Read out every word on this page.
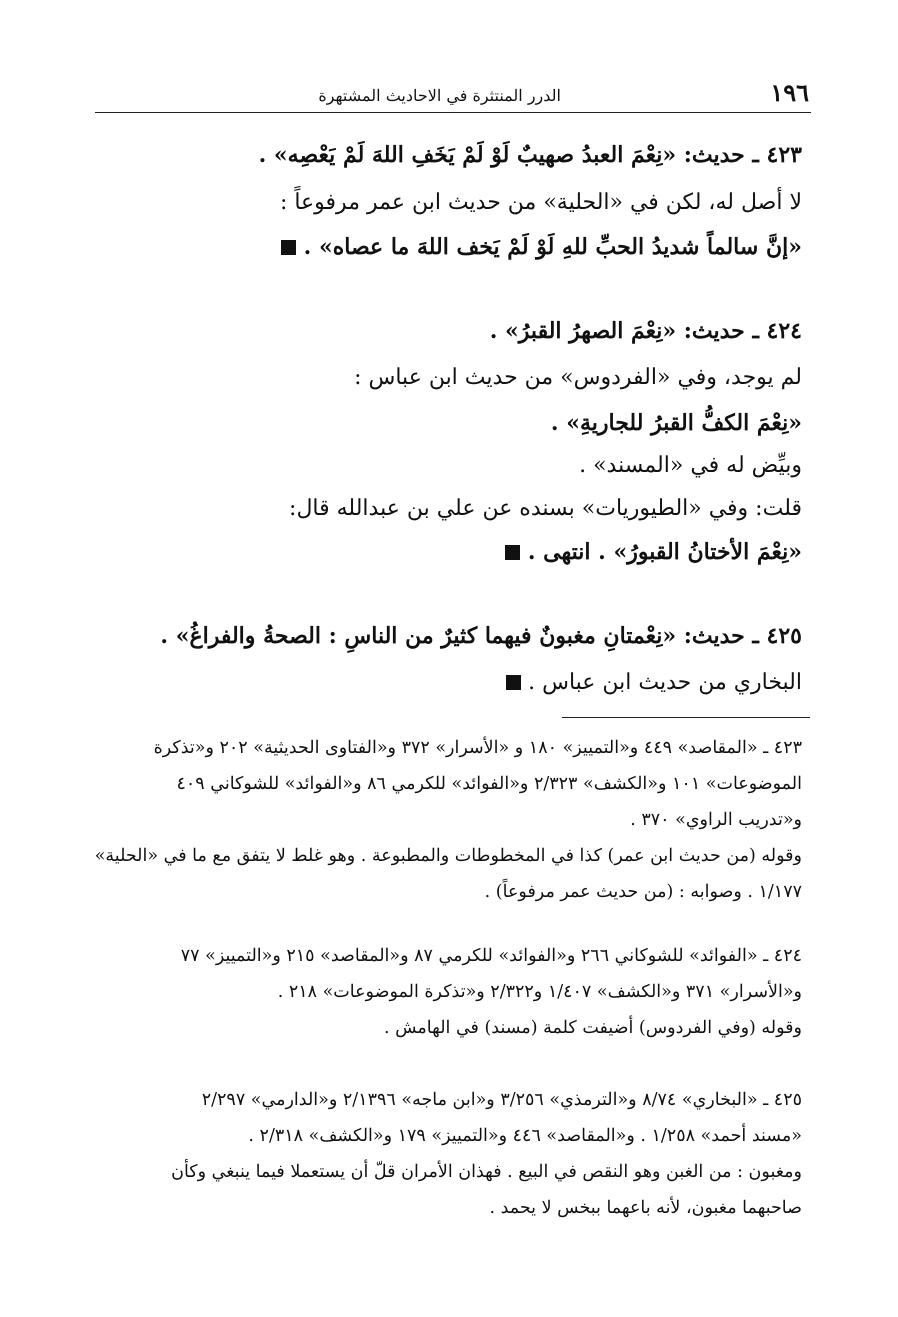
١٩٦
الدرر المنتثرة في الاحاديث المشتهرة
٤٢٣ ـ حديث: «نِعْمَ العبدُ صهيبٌ لَوْ لَمْ يَخَفِ اللهَ لَمْ يَعْصِه» .
لا أصل له، لكن في «الحلية» من حديث ابن عمر مرفوعاً :
«إنَّ سالماً شديدُ الحبِّ للهِ لَوْ لَمْ يَخف اللهَ ما عصاه» .
٤٢٤ ـ حديث: «نِعْمَ الصهرُ القبرُ» .
لم يوجد، وفي «الفردوس» من حديث ابن عباس :
«نِعْمَ الكفُّ القبرُ للجاريةِ» .
وبيِّض له في «المسند» .
قلت: وفي «الطيوريات» بسنده عن علي بن عبدالله قال:
«نِعْمَ الأختانُ القبورُ» . انتهى .
٤٢٥ ـ حديث: «نِعْمتانِ مغبونٌ فيهما كثيرٌ من الناسِ : الصحةُ والفراغُ» .
البخاري من حديث ابن عباس .
٤٢٣ ـ «المقاصد» ٤٤٩ و«التمييز» ١٨٠ و «الأسرار» ٣٧٢ و«الفتاوى الحديثية» ٢٠٢ و«تذكرة
الموضوعات» ١٠١ و«الكشف» ٢/٣٢٣ و«الفوائد» للكرمي ٨٦ و«الفوائد» للشوكاني ٤٠٩
و«تدريب الراوي» ٣٧٠ .
وقوله (من حديث ابن عمر) كذا في المخطوطات والمطبوعة . وهو غلط لا يتفق مع ما في «الحلية»
١/١٧٧ . وصوابه : (من حديث عمر مرفوعاً) .
٤٢٤ ـ «الفوائد» للشوكاني ٢٦٦ و«الفوائد» للكرمي ٨٧ و«المقاصد» ٢١٥ و«التمييز» ٧٧
و«الأسرار» ٣٧١ و«الكشف» ١/٤٠٧ و٢/٣٢٢ و«تذكرة الموضوعات» ٢١٨ .
وقوله (وفي الفردوس) أضيفت كلمة (مسند) في الهامش .
٤٢٥ ـ «البخاري» ٨/٧٤ و«الترمذي» ٣/٢٥٦ و«ابن ماجه» ٢/١٣٩٦ و«الدارمي» ٢/٢٩٧
«مسند أحمد» ١/٢٥٨ . و«المقاصد» ٤٤٦ و«التمييز» ١٧٩ و«الكشف» ٢/٣١٨ .
ومغبون : من الغبن وهو النقص في البيع . فهذان الأمران قلّ أن يستعملا فيما ينبغي وكأن
صاحبهما مغبون، لأنه باعهما ببخس لا يحمد .
